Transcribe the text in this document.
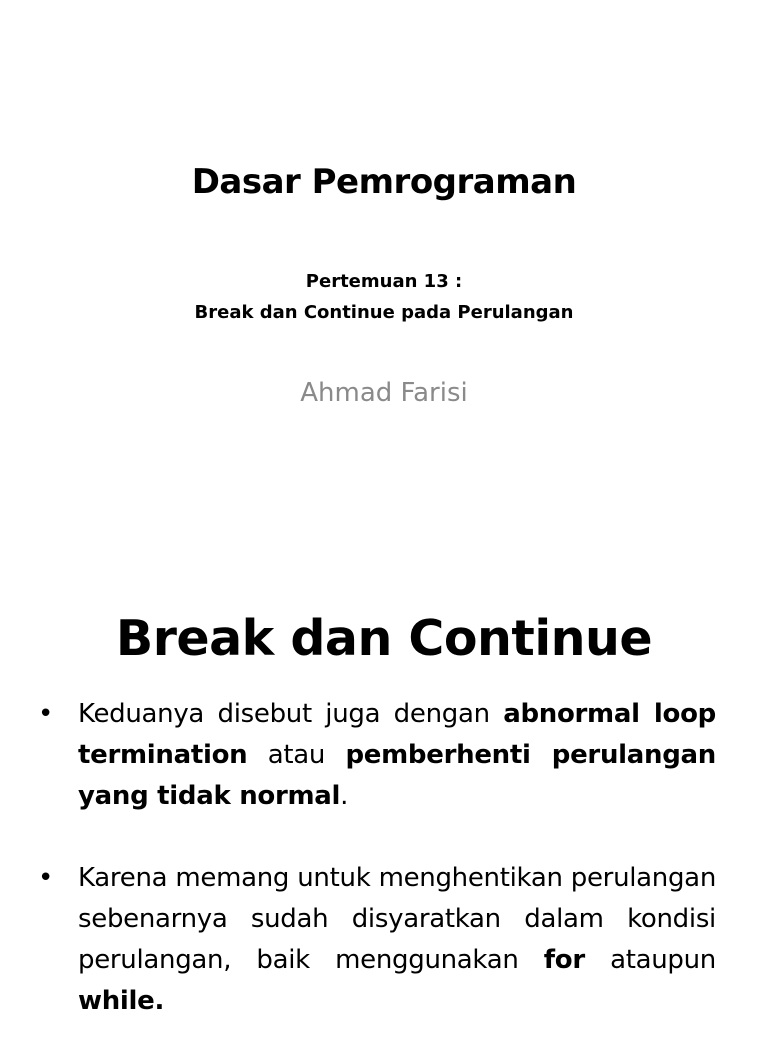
Dasar Pemrograman
Pertemuan 13 :
Break dan Continue pada Perulangan
Ahmad Farisi
Break dan Continue
• Keduanya disebut juga dengan abnormal loop termination atau pemberhenti perulangan yang tidak normal.
• Karena memang untuk menghentikan perulangan sebenarnya sudah disyaratkan dalam kondisi perulangan, baik menggunakan for ataupun while.
